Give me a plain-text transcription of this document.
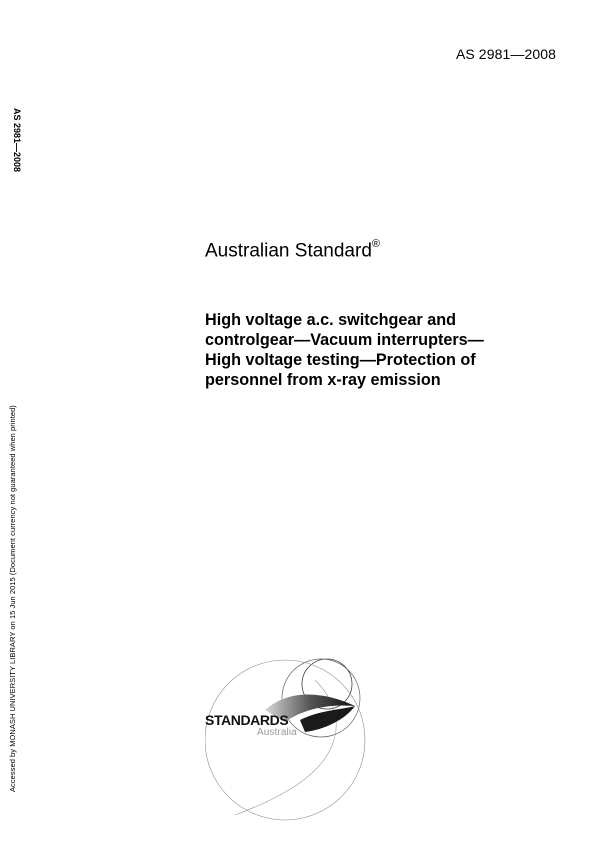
AS 2981—2008
AS 2981—2008
Accessed by MONASH UNIVERSITY LIBRARY on 15 Jun 2015 (Document currency not guaranteed when printed)
Australian Standard®
High voltage a.c. switchgear and
controlgear—Vacuum interrupters—
High voltage testing—Protection of
personnel from x-ray emission
STANDARDS
Australia
